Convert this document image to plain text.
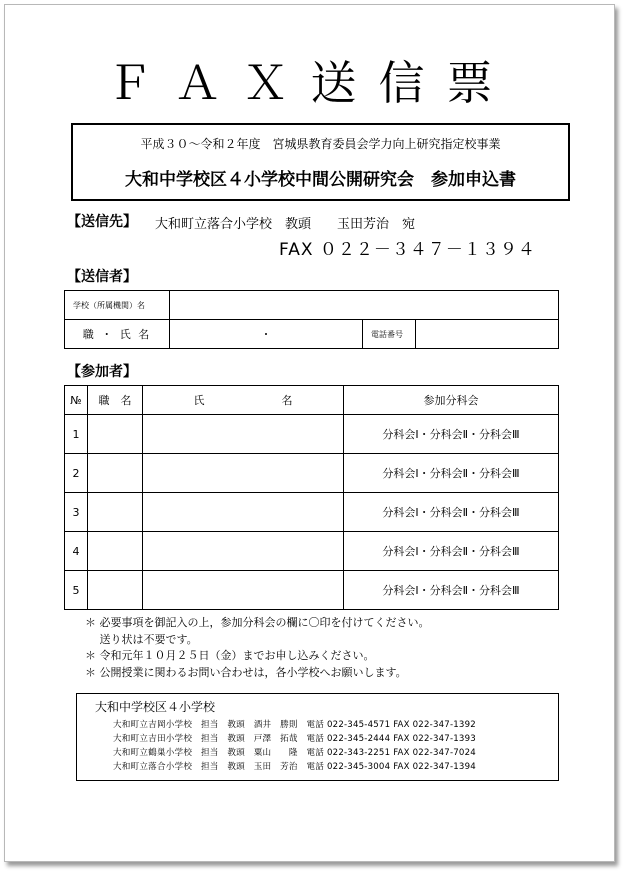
ＦＡＸ送信票
平成３０～令和２年度　宮城県教育委員会学力向上研究指定校事業
大和中学校区４小学校中間公開研究会　参加申込書
【送信先】 大和町立落合小学校　教頭　　玉田芳治　宛
FAX ０２２－３４７－１３９４
【送信者】
学校（所属機関）名			
職 ・ 氏 名	・	電話番号	
【参加者】
№	職　名	氏　　　　　　　名	参加分科会
1			分科会Ⅰ・分科会Ⅱ・分科会Ⅲ
2			分科会Ⅰ・分科会Ⅱ・分科会Ⅲ
3			分科会Ⅰ・分科会Ⅱ・分科会Ⅲ
4			分科会Ⅰ・分科会Ⅱ・分科会Ⅲ
5			分科会Ⅰ・分科会Ⅱ・分科会Ⅲ
＊ 必要事項を御記入の上，参加分科会の欄に〇印を付けてください。
　 送り状は不要です。
＊ 令和元年１０月２５日（金）までお申し込みください。
＊ 公開授業に関わるお問い合わせは，各小学校へお願いします。
大和中学校区４小学校
大和町立吉岡小学校　担当　教頭　酒井　勝則　電話 022-345-4571 FAX 022-347-1392
大和町立吉田小学校　担当　教頭　戸澤　拓哉　電話 022-345-2444 FAX 022-347-1393
大和町立鶴巣小学校　担当　教頭　粟山　　隆　電話 022-343-2251 FAX 022-347-7024
大和町立落合小学校　担当　教頭　玉田　芳治　電話 022-345-3004 FAX 022-347-1394
